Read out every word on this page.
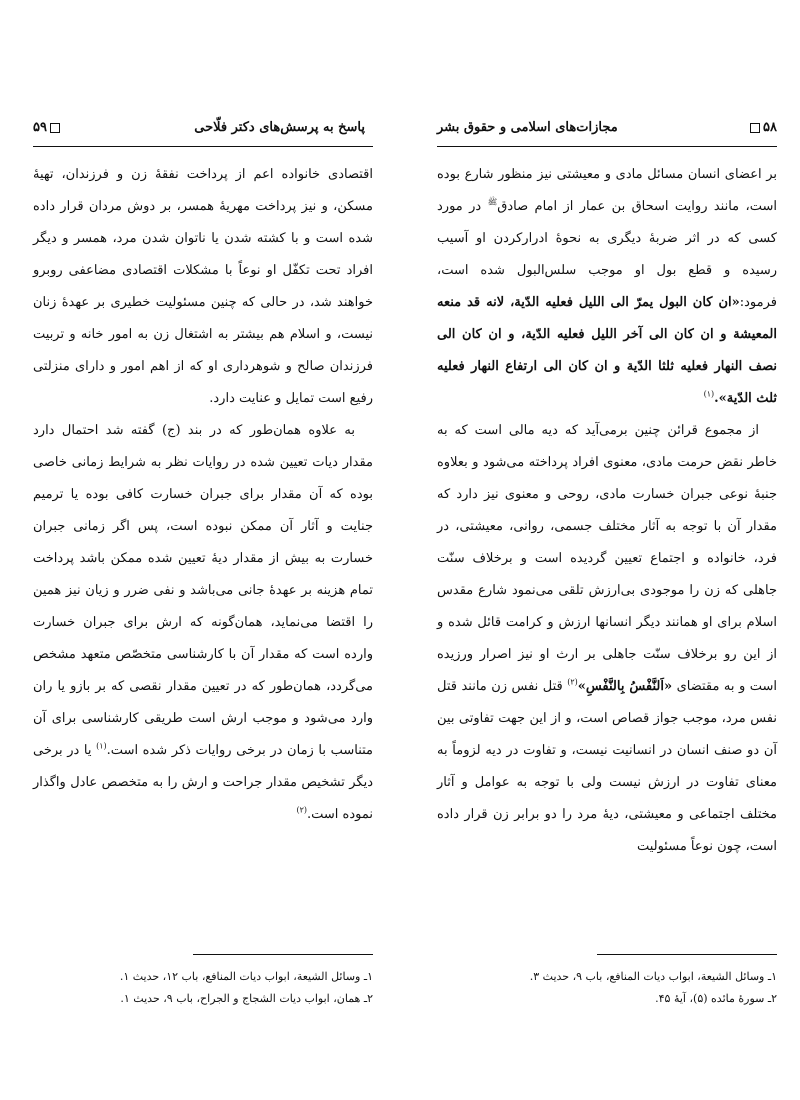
پاسخ به پرسش‌های دکتر فلّاحی
۵۹

اقتصادی خانواده اعم از پرداخت نفقهٔ زن و فرزندان، تهیهٔ مسکن، و نیز پرداخت مهریهٔ همسر، بر دوش مردان قرار داده شده است و با کشته شدن یا ناتوان شدن مرد، همسر و دیگر افراد تحت تکفّل او نوعاً با مشکلات اقتصادی مضاعفی روبرو خواهند شد، در حالی که چنین مسئولیت خطیری بر عهدهٔ زنان نیست، و اسلام هم بیشتر به اشتغال زن به امور خانه و تربیت فرزندان صالح و شوهرداری او که از اهم امور و دارای منزلتی رفیع است تمایل و عنایت دارد.

به علاوه همان‌طور که در بند (ج) گفته شد احتمال دارد مقدار دیات تعیین شده در روایات نظر به شرایط زمانی خاصی بوده که آن مقدار برای جبران خسارت کافی بوده یا ترمیم جنایت و آثار آن ممکن نبوده است، پس اگر زمانی جبران خسارت به بیش از مقدار دیهٔ تعیین شده ممکن باشد پرداخت تمام هزینه بر عهدهٔ جانی می‌باشد و نفی ضرر و زیان نیز همین را اقتضا می‌نماید، همان‌گونه که ارش برای جبران خسارت وارده است که مقدار آن با کارشناسی متخصّص متعهد مشخص می‌گردد، همان‌طور که در تعیین مقدار نقصی که بر بازو یا ران وارد می‌شود و موجب ارش است طریقی کارشناسی برای آن متناسب با زمان در برخی روایات ذکر شده است.$^{(۱)}$ یا در برخی دیگر تشخیص مقدار جراحت و ارش را به متخصص عادل واگذار نموده است.$^{(۲)}$

۱ـ وسائل الشیعة، ابواب دیات المنافع، باب ۱۲، حدیث ۱.
۲ـ همان، ابواب دیات الشجاج و الجراح، باب ۹، حدیث ۱.
۵۸
مجازات‌های اسلامی و حقوق بشر

بر اعضای انسان مسائل مادی و معیشتی نیز منظور شارع بوده است، مانند روایت اسحاق بن عمار از امام صادق$^ﷺ$ در مورد کسی که در اثر ضربهٔ دیگری به نحوهٔ ادرارکردن او آسیب رسیده و قطع بول او موجب سلس‌البول شده است، فرمود:«ان کان البول یمرّ الی اللیل فعلیه الدّیة، لانه قد منعه المعیشة و ان کان الی آخر اللیل فعلیه الدّیة، و ان کان الی نصف النهار فعلیه ثلثا الدّیة و ان کان الی ارتفاع النهار فعلیه ثلث الدّیة».$^{(۱)}$

از مجموع قرائن چنین برمی‌آید که دیه مالی است که به خاطر نقض حرمت مادی، معنوی افراد پرداخته می‌شود و بعلاوه جنبهٔ نوعی جبران خسارت مادی، روحی و معنوی نیز دارد که مقدار آن با توجه به آثار مختلف جسمی، روانی، معیشتی، در فرد، خانواده و اجتماع تعیین گردیده است و برخلاف سنّت جاهلی که زن را موجودی بی‌ارزش تلقی می‌نمود شارع مقدس اسلام برای او همانند دیگر انسانها ارزش و کرامت قائل شده و از این رو برخلاف سنّت جاهلی بر ارث او نیز اصرار ورزیده است و به مقتضای «اَلنَّفْسُ بِالنَّفْسِ»$^{(۲)}$ قتل نفس زن مانند قتل نفس مرد، موجب جواز قصاص است، و از این جهت تفاوتی بین آن دو صنف انسان در انسانیت نیست، و تفاوت در دیه لزوماً به معنای تفاوت در ارزش نیست ولی با توجه به عوامل و آثار مختلف اجتماعی و معیشتی، دیهٔ مرد را دو برابر زن قرار داده است، چون نوعاً مسئولیت

۱ـ وسائل الشیعة، ابواب دیات المنافع، باب ۹، حدیث ۳.
۲ـ سورهٔ مائده (۵)، آیهٔ ۴۵.
